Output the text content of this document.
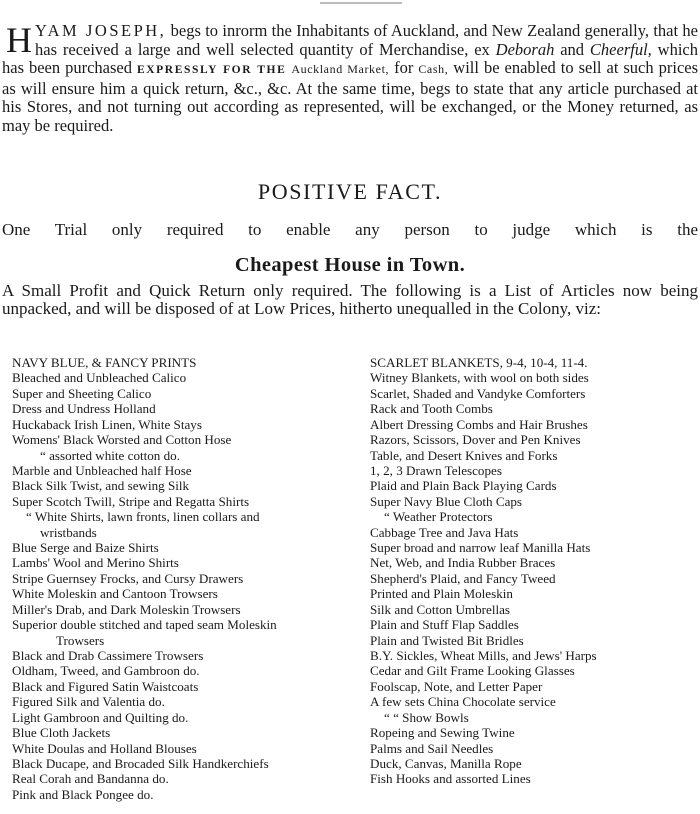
HYAM JOSEPH, begs to inrorm the Inhabitants of Auckland, and New Zealand generally, that he has received a large and well selected quantity of Merchandise, ex Deborah and Cheerful, which has been purchased EXPRESSLY FOR THE Auckland Market, for Cash, will be enabled to sell at such prices as will ensure him a quick return, &c., &c. At the same time, begs to state that any article purchased at his Stores, and not turning out according as represented, will be exchanged, or the Money returned, as may be required.
POSITIVE FACT.
One Trial only required to enable any person to judge which is the
Cheapest House in Town.
A Small Profit and Quick Return only required. The following is a List of Articles now being unpacked, and will be disposed of at Low Prices, hitherto unequalled in the Colony, viz:
NAVY BLUE, & FANCY PRINTS
Bleached and Unbleached Calico
Super and Sheeting Calico
Dress and Undress Holland
Huckaback Irish Linen, White Stays
Womens' Black Worsted and Cotton Hose
“ assorted white cotton do.
Marble and Unbleached half Hose
Black Silk Twist, and sewing Silk
Super Scotch Twill, Stripe and Regatta Shirts
“ White Shirts, lawn fronts, linen collars and
wristbands
Blue Serge and Baize Shirts
Lambs' Wool and Merino Shirts
Stripe Guernsey Frocks, and Cursy Drawers
White Moleskin and Cantoon Trowsers
Miller's Drab, and Dark Moleskin Trowsers
Superior double stitched and taped seam Moleskin
Trowsers
Black and Drab Cassimere Trowsers
Oldham, Tweed, and Gambroon do.
Black and Figured Satin Waistcoats
Figured Silk and Valentia do.
Light Gambroon and Quilting do.
Blue Cloth Jackets
White Doulas and Holland Blouses
Black Ducape, and Brocaded Silk Handkerchiefs
Real Corah and Bandanna do.
Pink and Black Pongee do.
SCARLET BLANKETS, 9-4, 10-4, 11-4.
Witney Blankets, with wool on both sides
Scarlet, Shaded and Vandyke Comforters
Rack and Tooth Combs
Albert Dressing Combs and Hair Brushes
Razors, Scissors, Dover and Pen Knives
Table, and Desert Knives and Forks
1, 2, 3 Drawn Telescopes
Plaid and Plain Back Playing Cards
Super Navy Blue Cloth Caps
“ Weather Protectors
Cabbage Tree and Java Hats
Super broad and narrow leaf Manilla Hats
Net, Web, and India Rubber Braces
Shepherd's Plaid, and Fancy Tweed
Printed and Plain Moleskin
Silk and Cotton Umbrellas
Plain and Stuff Flap Saddles
Plain and Twisted Bit Bridles
B.Y. Sickles, Wheat Mills, and Jews' Harps
Cedar and Gilt Frame Looking Glasses
Foolscap, Note, and Letter Paper
A few sets China Chocolate service
“ “ Show Bowls
Ropeing and Sewing Twine
Palms and Sail Needles
Duck, Canvas, Manilla Rope
Fish Hooks and assorted Lines
